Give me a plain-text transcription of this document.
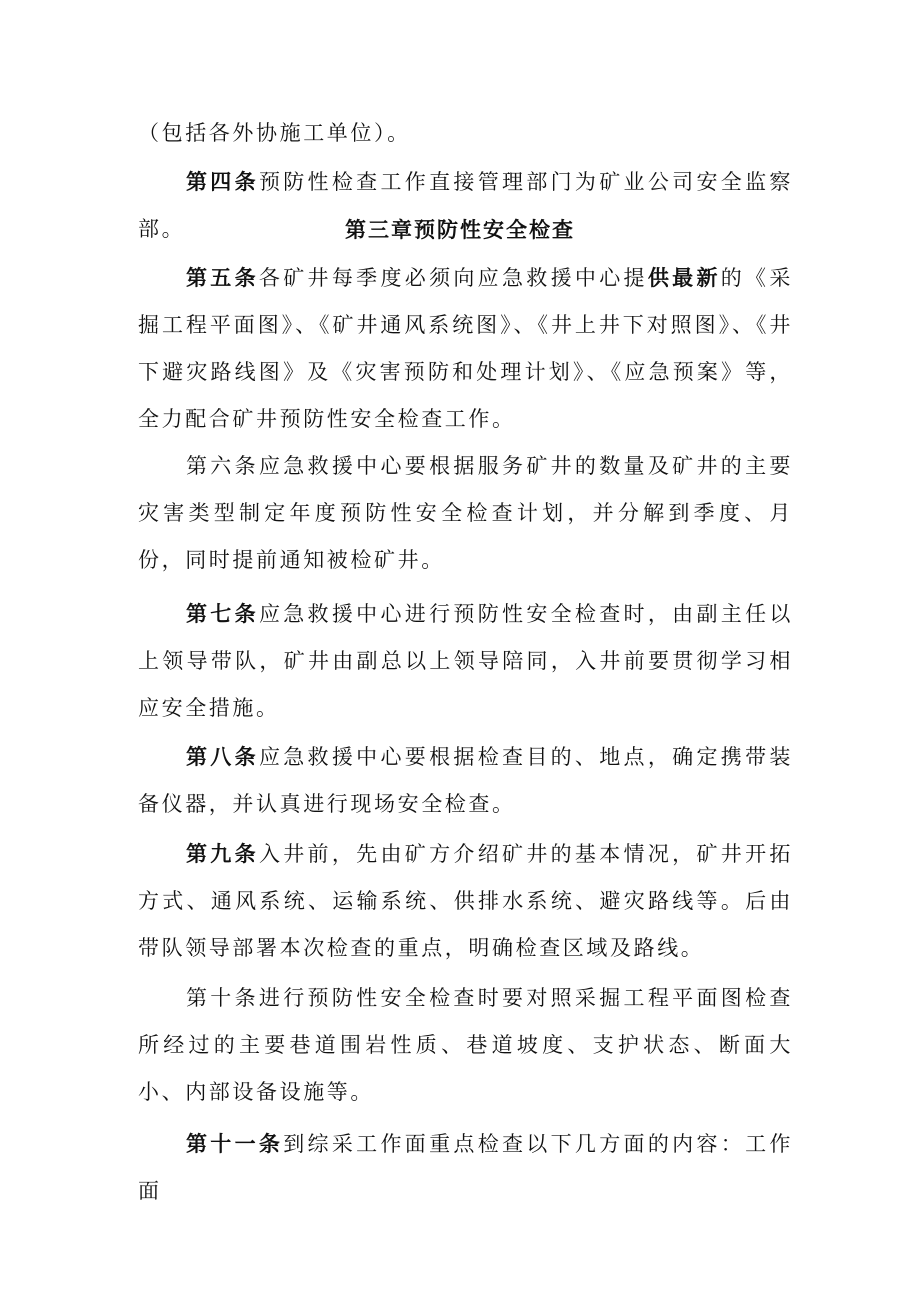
（包括各外协施工单位）。

第四条预防性检查工作直接管理部门为矿业公司安全监察部。	第三章预防性安全检查

第五条各矿井每季度必须向应急救援中心提供最新的《采掘工程平面图》、《矿井通风系统图》、《井上井下对照图》、《井下避灾路线图》及《灾害预防和处理计划》、《应急预案》等，全力配合矿井预防性安全检查工作。

第六条应急救援中心要根据服务矿井的数量及矿井的主要灾害类型制定年度预防性安全检查计划，并分解到季度、月份，同时提前通知被检矿井。

第七条应急救援中心进行预防性安全检查时，由副主任以上领导带队，矿井由副总以上领导陪同，入井前要贯彻学习相应安全措施。

第八条应急救援中心要根据检查目的、地点，确定携带装备仪器，并认真进行现场安全检查。

第九条入井前，先由矿方介绍矿井的基本情况，矿井开拓方式、通风系统、运输系统、供排水系统、避灾路线等。后由带队领导部署本次检查的重点，明确检查区域及路线。

第十条进行预防性安全检查时要对照采掘工程平面图检查所经过的主要巷道围岩性质、巷道坡度、支护状态、断面大小、内部设备设施等。

第十一条到综采工作面重点检查以下几方面的内容：工作面
